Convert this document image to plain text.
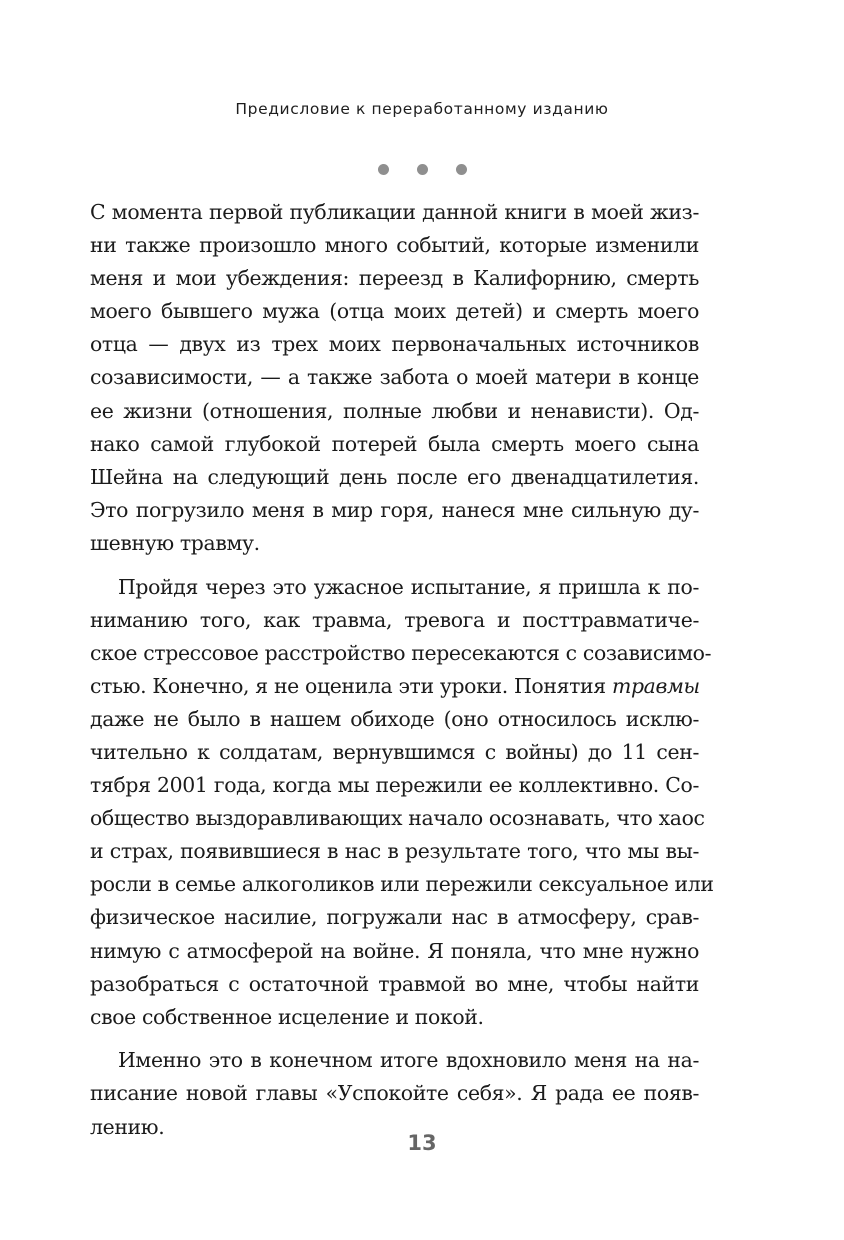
Предисловие к переработанному изданию

С момента первой публикации данной книги в моей жиз-
ни также произошло много событий, которые изменили
меня и мои убеждения: переезд в Калифорнию, смерть
моего бывшего мужа (отца моих детей) и смерть моего
отца — двух из трех моих первоначальных источников
созависимости, — а также забота о моей матери в конце
ее жизни (отношения, полные любви и ненависти). Од-
нако самой глубокой потерей была смерть моего сына
Шейна на следующий день после его двенадцатилетия.
Это погрузило меня в мир горя, нанеся мне сильную ду-
шевную травму.

Пройдя через это ужасное испытание, я пришла к по-
ниманию того, как травма, тревога и посттравматиче-
ское стрессовое расстройство пересекаются с созависимо-
стью. Конечно, я не оценила эти уроки. Понятия травмы
даже не было в нашем обиходе (оно относилось исклю-
чительно к солдатам, вернувшимся с войны) до 11 сен-
тября 2001 года, когда мы пережили ее коллективно. Со-
общество выздоравливающих начало осознавать, что хаос
и страх, появившиеся в нас в результате того, что мы вы-
росли в семье алкоголиков или пережили сексуальное или
физическое насилие, погружали нас в атмосферу, срав-
нимую с атмосферой на войне. Я поняла, что мне нужно
разобраться с остаточной травмой во мне, чтобы найти
свое собственное исцеление и покой.

Именно это в конечном итоге вдохновило меня на на-
писание новой главы «Успокойте себя». Я рада ее появ-
лению.

13
